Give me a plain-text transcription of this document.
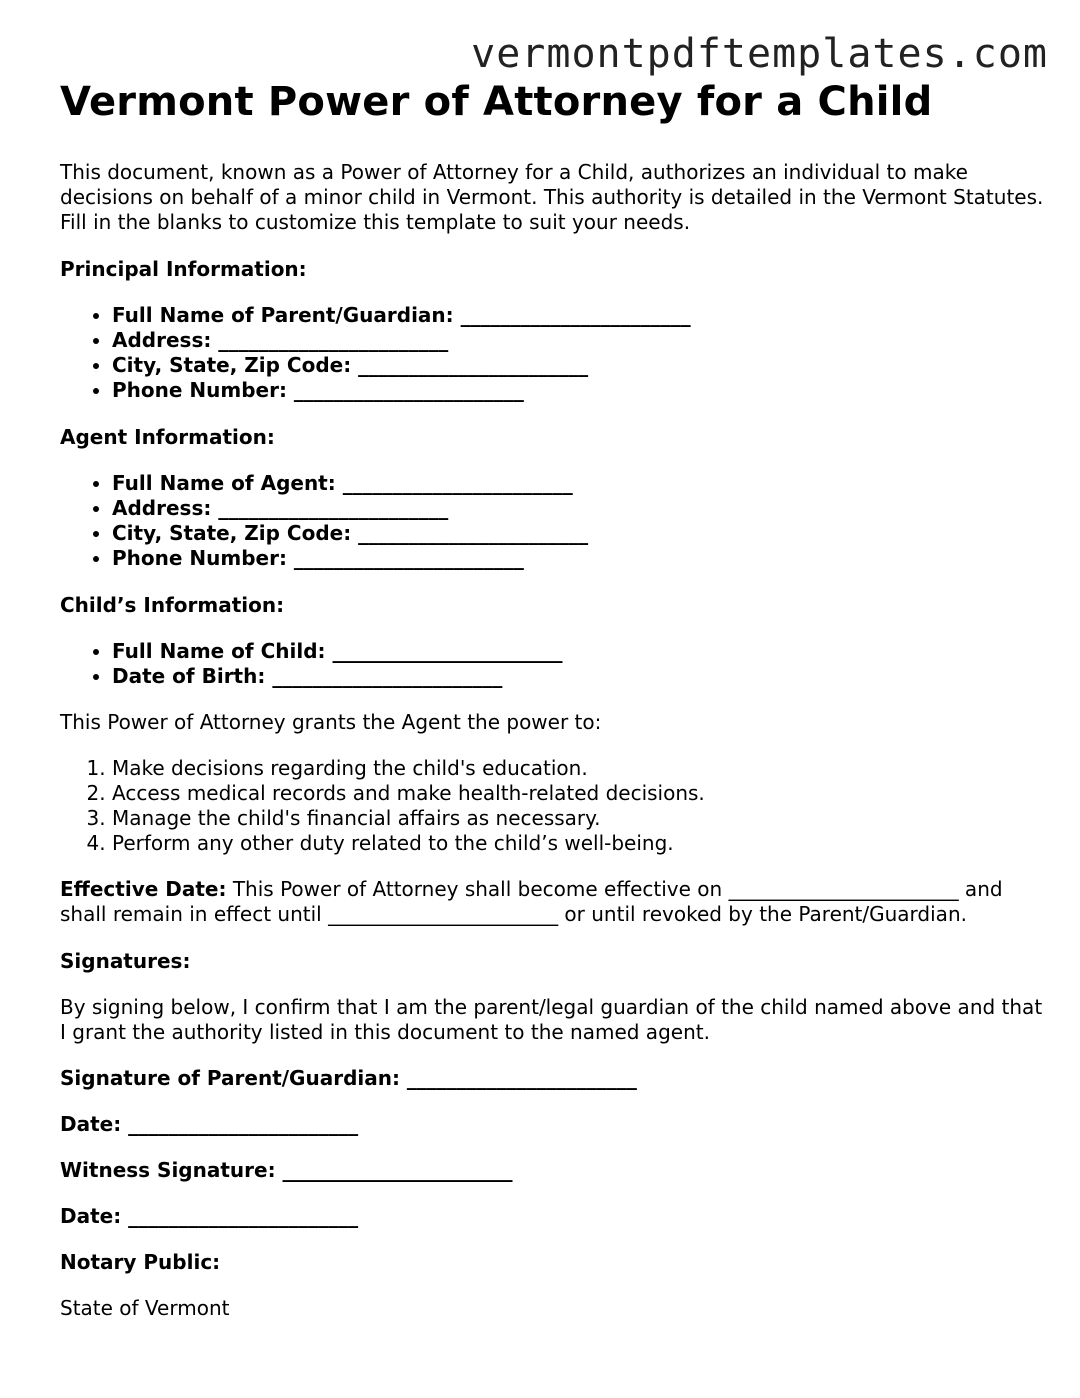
vermontpdftemplates.com
Vermont Power of Attorney for a Child

This document, known as a Power of Attorney for a Child, authorizes an individual to make decisions on behalf of a minor child in Vermont. This authority is detailed in the Vermont Statutes. Fill in the blanks to customize this template to suit your needs.

Principal Information:

• Full Name of Parent/Guardian: _______________________
• Address: _______________________
• City, State, Zip Code: _______________________
• Phone Number: _______________________

Agent Information:

• Full Name of Agent: _______________________
• Address: _______________________
• City, State, Zip Code: _______________________
• Phone Number: _______________________

Child’s Information:

• Full Name of Child: _______________________
• Date of Birth: _______________________

This Power of Attorney grants the Agent the power to:

1. Make decisions regarding the child's education.
2. Access medical records and make health-related decisions.
3. Manage the child's financial affairs as necessary.
4. Perform any other duty related to the child’s well-being.

Effective Date: This Power of Attorney shall become effective on _______________________ and shall remain in effect until _______________________ or until revoked by the Parent/Guardian.

Signatures:

By signing below, I confirm that I am the parent/legal guardian of the child named above and that I grant the authority listed in this document to the named agent.

Signature of Parent/Guardian: _______________________

Date: _______________________

Witness Signature: _______________________

Date: _______________________

Notary Public:

State of Vermont
